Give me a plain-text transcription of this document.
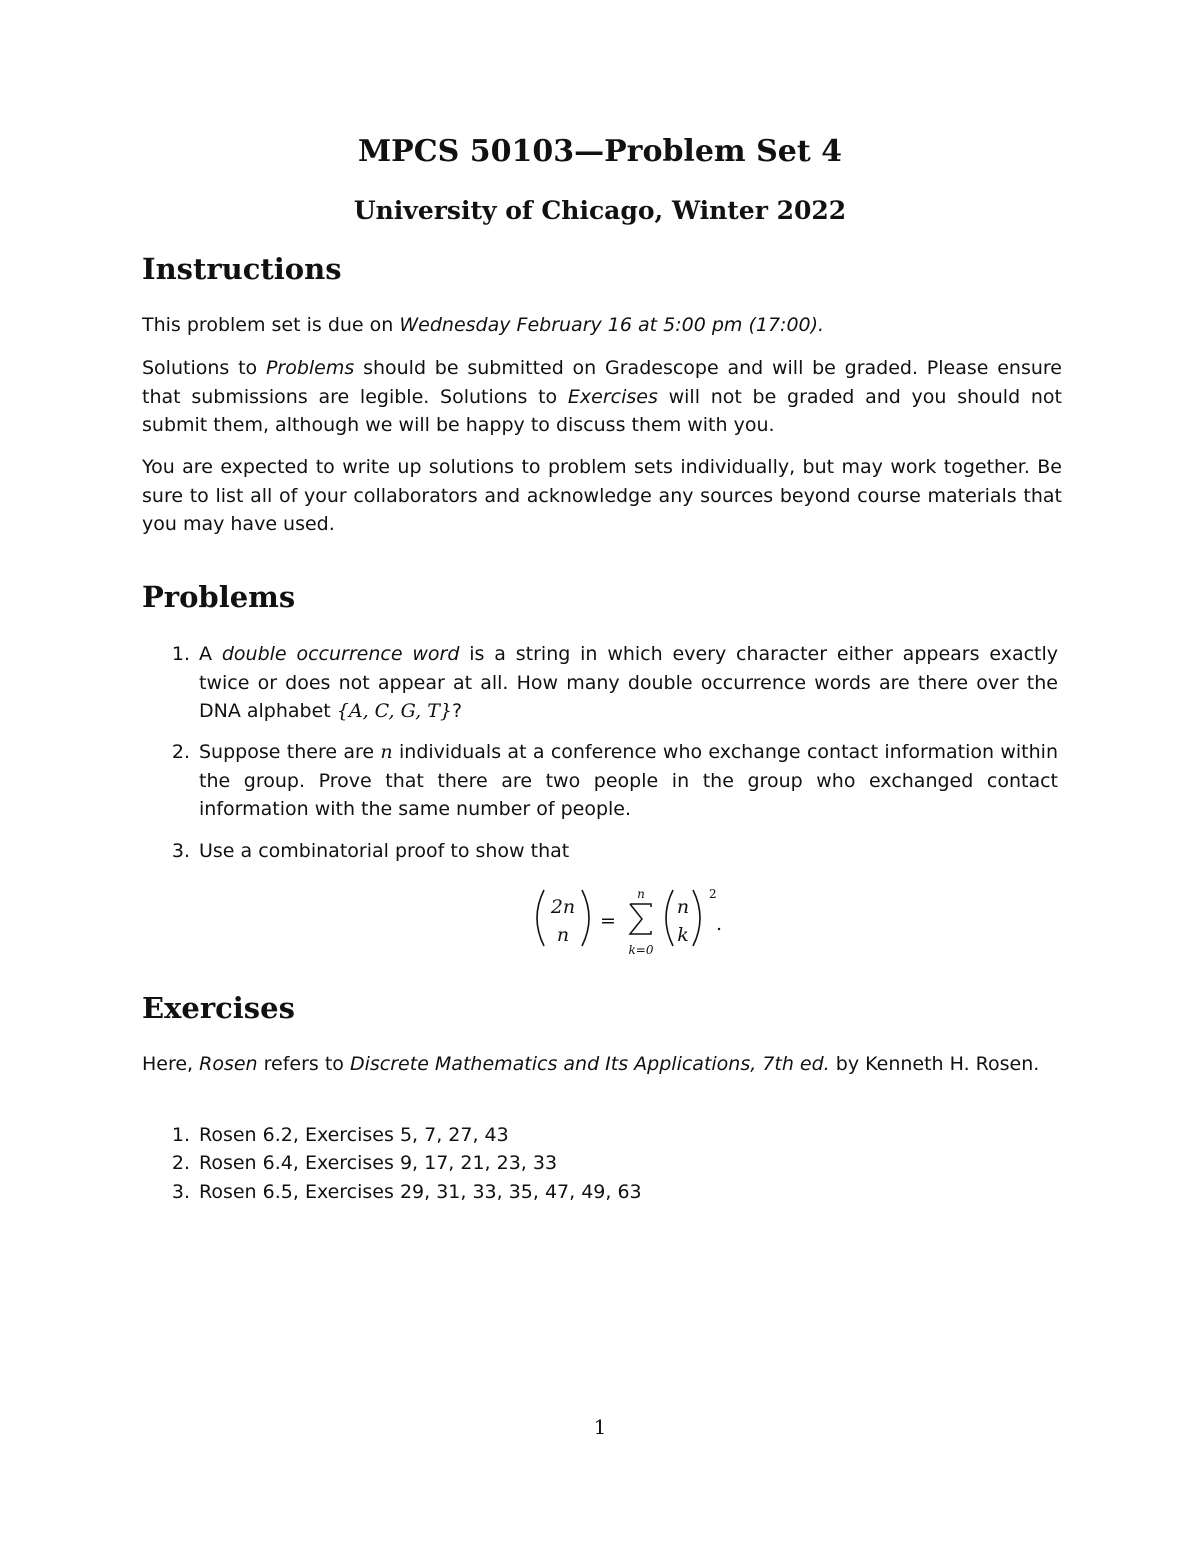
MPCS 50103—Problem Set 4
University of Chicago, Winter 2022
Instructions

This problem set is due on Wednesday February 16 at 5:00 pm (17:00).

Solutions to Problems should be submitted on Gradescope and will be graded. Please ensure that submissions are legible. Solutions to Exercises will not be graded and you should not submit them, although we will be happy to discuss them with you.

You are expected to write up solutions to problem sets individually, but may work together. Be sure to list all of your collaborators and acknowledge any sources beyond course materials that you may have used.

Problems
1. A double occurrence word is a string in which every character either appears exactly twice or does not appear at all. How many double occurrence words are there over the DNA alphabet {A, C, G, T}?
2. Suppose there are n individuals at a conference who exchange contact information within the group. Prove that there are two people in the group who exchanged contact information with the same number of people.
3. Use a combinatorial proof to show that
2n
n
=
n
k=0
n
k
2
.
Exercises

Here, Rosen refers to Discrete Mathematics and Its Applications, 7th ed. by Kenneth H. Rosen.

1. Rosen 6.2, Exercises 5, 7, 27, 43
2. Rosen 6.4, Exercises 9, 17, 21, 23, 33
3. Rosen 6.5, Exercises 29, 31, 33, 35, 47, 49, 63
1
